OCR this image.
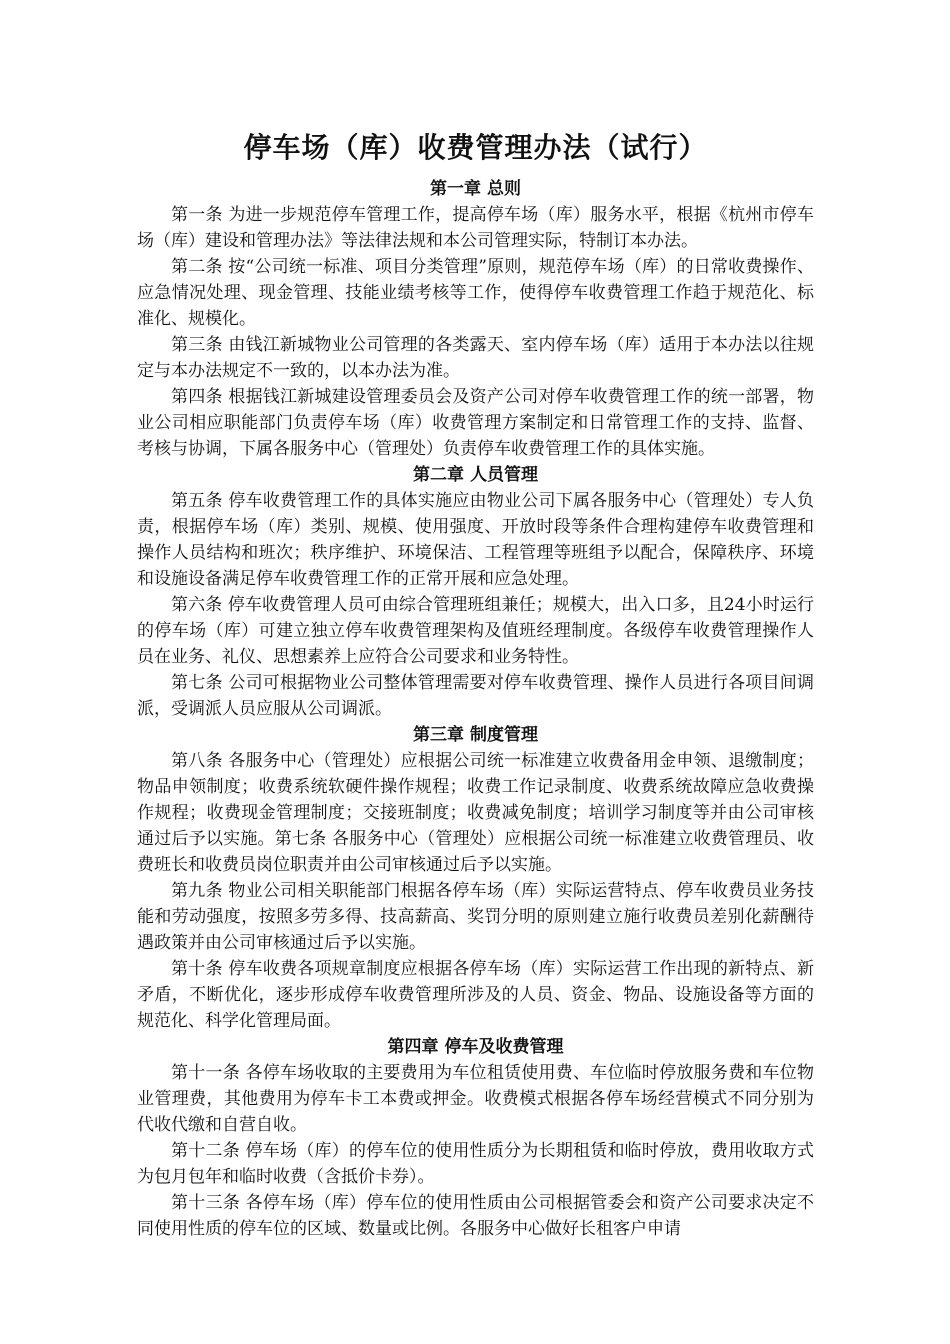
停车场（库）收费管理办法（试行）
第一章 总则

第一条 为进一步规范停车管理工作，提高停车场（库）服务水平，根据《杭州市停车场（库）建设和管理办法》等法律法规和本公司管理实际，特制订本办法。

第二条 按“公司统一标准、项目分类管理”原则，规范停车场（库）的日常收费操作、应急情况处理、现金管理、技能业绩考核等工作，使得停车收费管理工作趋于规范化、标准化、规模化。

第三条 由钱江新城物业公司管理的各类露天、室内停车场（库）适用于本办法以往规定与本办法规定不一致的，以本办法为准。

第四条 根据钱江新城建设管理委员会及资产公司对停车收费管理工作的统一部署，物业公司相应职能部门负责停车场（库）收费管理方案制定和日常管理工作的支持、监督、考核与协调，下属各服务中心（管理处）负责停车收费管理工作的具体实施。

第二章 人员管理

第五条 停车收费管理工作的具体实施应由物业公司下属各服务中心（管理处）专人负责，根据停车场（库）类别、规模、使用强度、开放时段等条件合理构建停车收费管理和操作人员结构和班次；秩序维护、环境保洁、工程管理等班组予以配合，保障秩序、环境和设施设备满足停车收费管理工作的正常开展和应急处理。

第六条 停车收费管理人员可由综合管理班组兼任；规模大，出入口多，且24小时运行的停车场（库）可建立独立停车收费管理架构及值班经理制度。各级停车收费管理操作人员在业务、礼仪、思想素养上应符合公司要求和业务特性。

第七条 公司可根据物业公司整体管理需要对停车收费管理、操作人员进行各项目间调派，受调派人员应服从公司调派。

第三章 制度管理

第八条 各服务中心（管理处）应根据公司统一标准建立收费备用金申领、退缴制度；物品申领制度；收费系统软硬件操作规程；收费工作记录制度、收费系统故障应急收费操作规程；收费现金管理制度；交接班制度；收费减免制度；培训学习制度等并由公司审核通过后予以实施。第七条 各服务中心（管理处）应根据公司统一标准建立收费管理员、收费班长和收费员岗位职责并由公司审核通过后予以实施。

第九条 物业公司相关职能部门根据各停车场（库）实际运营特点、停车收费员业务技能和劳动强度，按照多劳多得、技高薪高、奖罚分明的原则建立施行收费员差别化薪酬待遇政策并由公司审核通过后予以实施。

第十条 停车收费各项规章制度应根据各停车场（库）实际运营工作出现的新特点、新矛盾，不断优化，逐步形成停车收费管理所涉及的人员、资金、物品、设施设备等方面的规范化、科学化管理局面。

第四章 停车及收费管理

第十一条 各停车场收取的主要费用为车位租赁使用费、车位临时停放服务费和车位物业管理费，其他费用为停车卡工本费或押金。收费模式根据各停车场经营模式不同分别为代收代缴和自营自收。

第十二条 停车场（库）的停车位的使用性质分为长期租赁和临时停放，费用收取方式为包月包年和临时收费（含抵价卡券）。

第十三条 各停车场（库）停车位的使用性质由公司根据管委会和资产公司要求决定不同使用性质的停车位的区域、数量或比例。各服务中心做好长租客户申请
